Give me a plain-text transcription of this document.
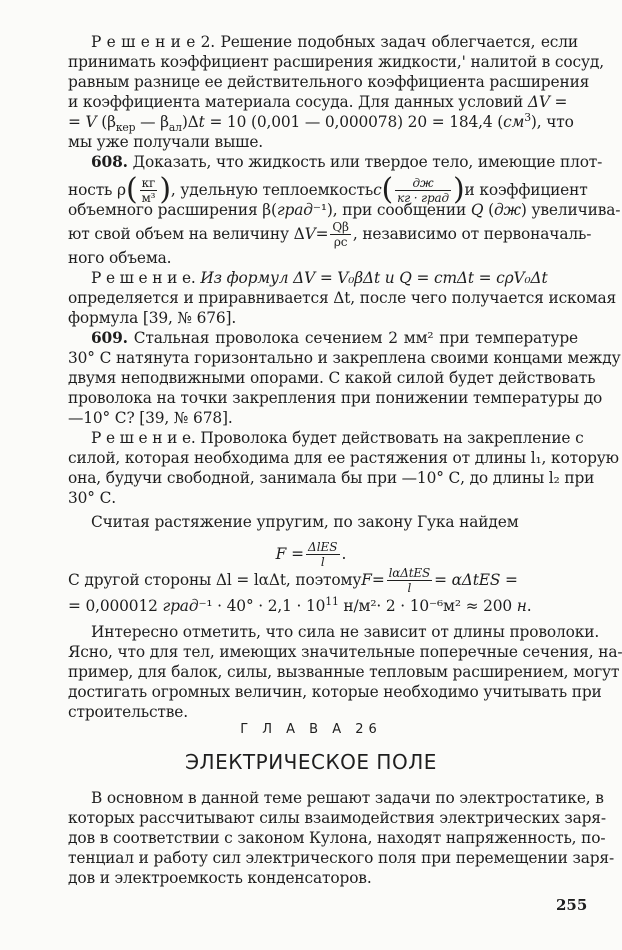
Р е ш е н и е 2. Решение подобных задач облегчается, если
принимать коэффициент расширения жидкости,' налитой в сосуд,
равным разнице ее действительного коэффициента расширения
и коэффициента материала сосуда. Для данных условий ΔV =
= V ($\beta_{кер}$ — $\beta_{ал})\Delta t = 10$ (0,001 — 0,000078) 20 = 184,4 $(см^3)$, что
мы уже получали выше.
608. Доказать, что жидкость или твердое тело, имеющие плот-
ность ρ ( $\frac{кг}{\text{м³}}$ ) , удельную теплоемкость c ( $\frac{дж}{\text{кг · град}}$ ) и коэффициент
объемного расширения β(град⁻¹), при сообщении Q (дж) увеличива-
ют свой объем на величину Δ $V = \frac{Q\beta}{\rho c}$ , независимо от первоначаль-
ного объема.
Р е ш е н и е. Из формул ΔV = V₀βΔt и Q = cmΔt = cρV₀Δt
определяется и приравнивается Δt, после чего получается искомая
формула [39, № 676].
609. Стальная проволока сечением 2 мм² при температуре
30° С натянута горизонтально и закреплена своими концами между
двумя неподвижными опорами. С какой силой будет действовать
проволока на точки закрепления при понижении температуры до
—10° С? [39, № 678].
Р е ш е н и е. Проволока будет действовать на закрепление с
силой, которая необходима для ее растяжения от длины l₁, которую
она, будучи свободной, занимала бы при —10° С, до длины l₂ при
30° С.
Считая растяжение упругим, по закону Гука найдем
$F = \frac{\text{ΔlES}}{l}$ .
С другой стороны Δl = lαΔt, поэтому $F = \frac{\text{lαΔtES}}{l} = \alpha\Delta tES$ =
= 0,000012 град⁻¹ · $40^\circ \cdot 2,1 \cdot 10^{11}$ н/м²· 2 · 10⁻⁶м² ≈ 200 н.
Интересно отметить, что сила не зависит от длины проволоки.
Ясно, что для тел, имеющих значительные поперечные сечения, на-
пример, для балок, силы, вызванные тепловым расширением, могут
достигать огромных величин, которые необходимо учитывать при
строительстве.
Г Л А В А 26
ЭЛЕКТРИЧЕСКОЕ ПОЛЕ
В основном в данной теме решают задачи по электростатике, в
которых рассчитывают силы взаимодействия электрических заря-
дов в соответствии с законом Кулона, находят напряженность, по-
тенциал и работу сил электрического поля при перемещении заря-
дов и электроемкость конденсаторов.
255
